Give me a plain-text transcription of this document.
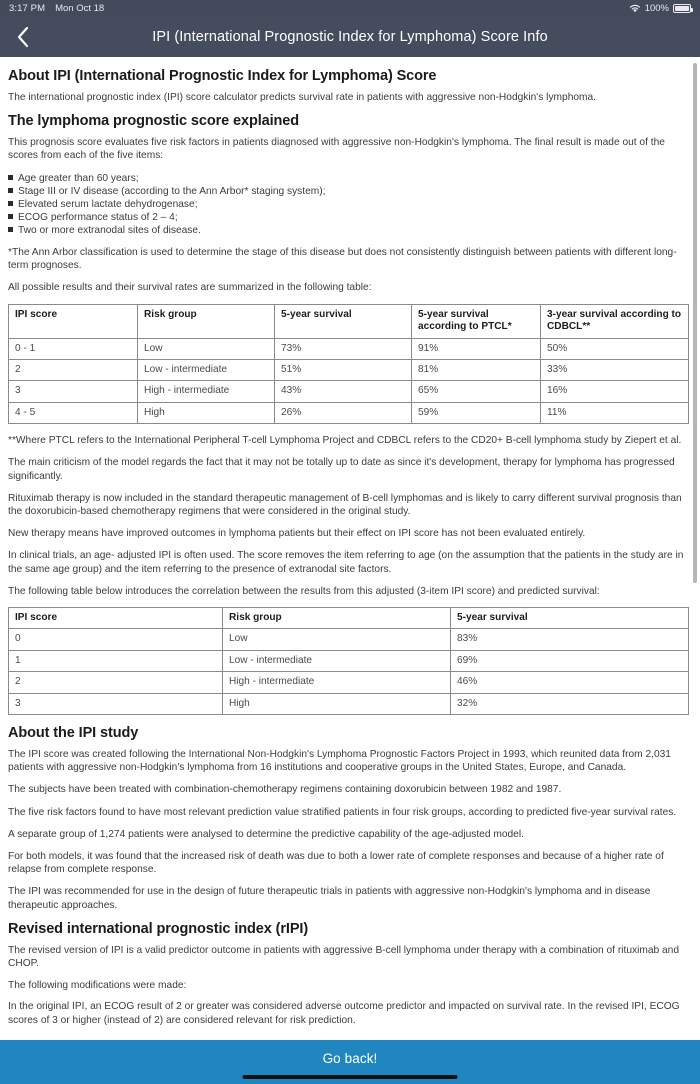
3:17 PM Mon Oct 18	100%
IPI (International Prognostic Index for Lymphoma) Score Info
About IPI (International Prognostic Index for Lymphoma) Score

The international prognostic index (IPI) score calculator predicts survival rate in patients with aggressive non-Hodgkin's lymphoma.

The lymphoma prognostic score explained

This prognosis score evaluates five risk factors in patients diagnosed with aggressive non-Hodgkin's lymphoma. The final result is made out of the scores from each of the five items:

Age greater than 60 years;
Stage III or IV disease (according to the Ann Arbor* staging system);
Elevated serum lactate dehydrogenase;
ECOG performance status of 2 – 4;
Two or more extranodal sites of disease.

*The Ann Arbor classification is used to determine the stage of this disease but does not consistently distinguish between patients with different long-term prognoses.

All possible results and their survival rates are summarized in the following table:

IPI score	Risk group	5-year survival	5-year survival according to PTCL*	3-year survival according to CDBCL**
0 - 1	Low	73%	91%	50%
2	Low - intermediate	51%	81%	33%
3	High - intermediate	43%	65%	16%
4 - 5	High	26%	59%	11%

**Where PTCL refers to the International Peripheral T-cell Lymphoma Project and CDBCL refers to the CD20+ B-cell lymphoma study by Ziepert et al.

The main criticism of the model regards the fact that it may not be totally up to date as since it's development, therapy for lymphoma has progressed significantly.

Rituximab therapy is now included in the standard therapeutic management of B-cell lymphomas and is likely to carry different survival prognosis than the doxorubicin-based chemotherapy regimens that were considered in the original study.

New therapy means have improved outcomes in lymphoma patients but their effect on IPI score has not been evaluated entirely.

In clinical trials, an age- adjusted IPI is often used. The score removes the item referring to age (on the assumption that the patients in the study are in the same age group) and the item referring to the presence of extranodal site factors.

The following table below introduces the correlation between the results from this adjusted (3-item IPI score) and predicted survival:

IPI score	Risk group	5-year survival
0	Low	83%
1	Low - intermediate	69%
2	High - intermediate	46%
3	High	32%
About the IPI study

The IPI score was created following the International Non-Hodgkin's Lymphoma Prognostic Factors Project in 1993, which reunited data from 2,031 patients with aggressive non-Hodgkin's lymphoma from 16 institutions and cooperative groups in the United States, Europe, and Canada.

The subjects have been treated with combination-chemotherapy regimens containing doxorubicin between 1982 and 1987.

The five risk factors found to have most relevant prediction value stratified patients in four risk groups, according to predicted five-year survival rates.

A separate group of 1,274 patients were analysed to determine the predictive capability of the age-adjusted model.

For both models, it was found that the increased risk of death was due to both a lower rate of complete responses and because of a higher rate of relapse from complete response.

The IPI was recommended for use in the design of future therapeutic trials in patients with aggressive non-Hodgkin's lymphoma and in disease therapeutic approaches.

Revised international prognostic index (rIPI)

The revised version of IPI is a valid predictor outcome in patients with aggressive B-cell lymphoma under therapy with a combination of rituximab and CHOP.

The following modifications were made:

In the original IPI, an ECOG result of 2 or greater was considered adverse outcome predictor and impacted on survival rate. In the revised IPI, ECOG scores of 3 or higher (instead of 2) are considered relevant for risk prediction.

Go back!
